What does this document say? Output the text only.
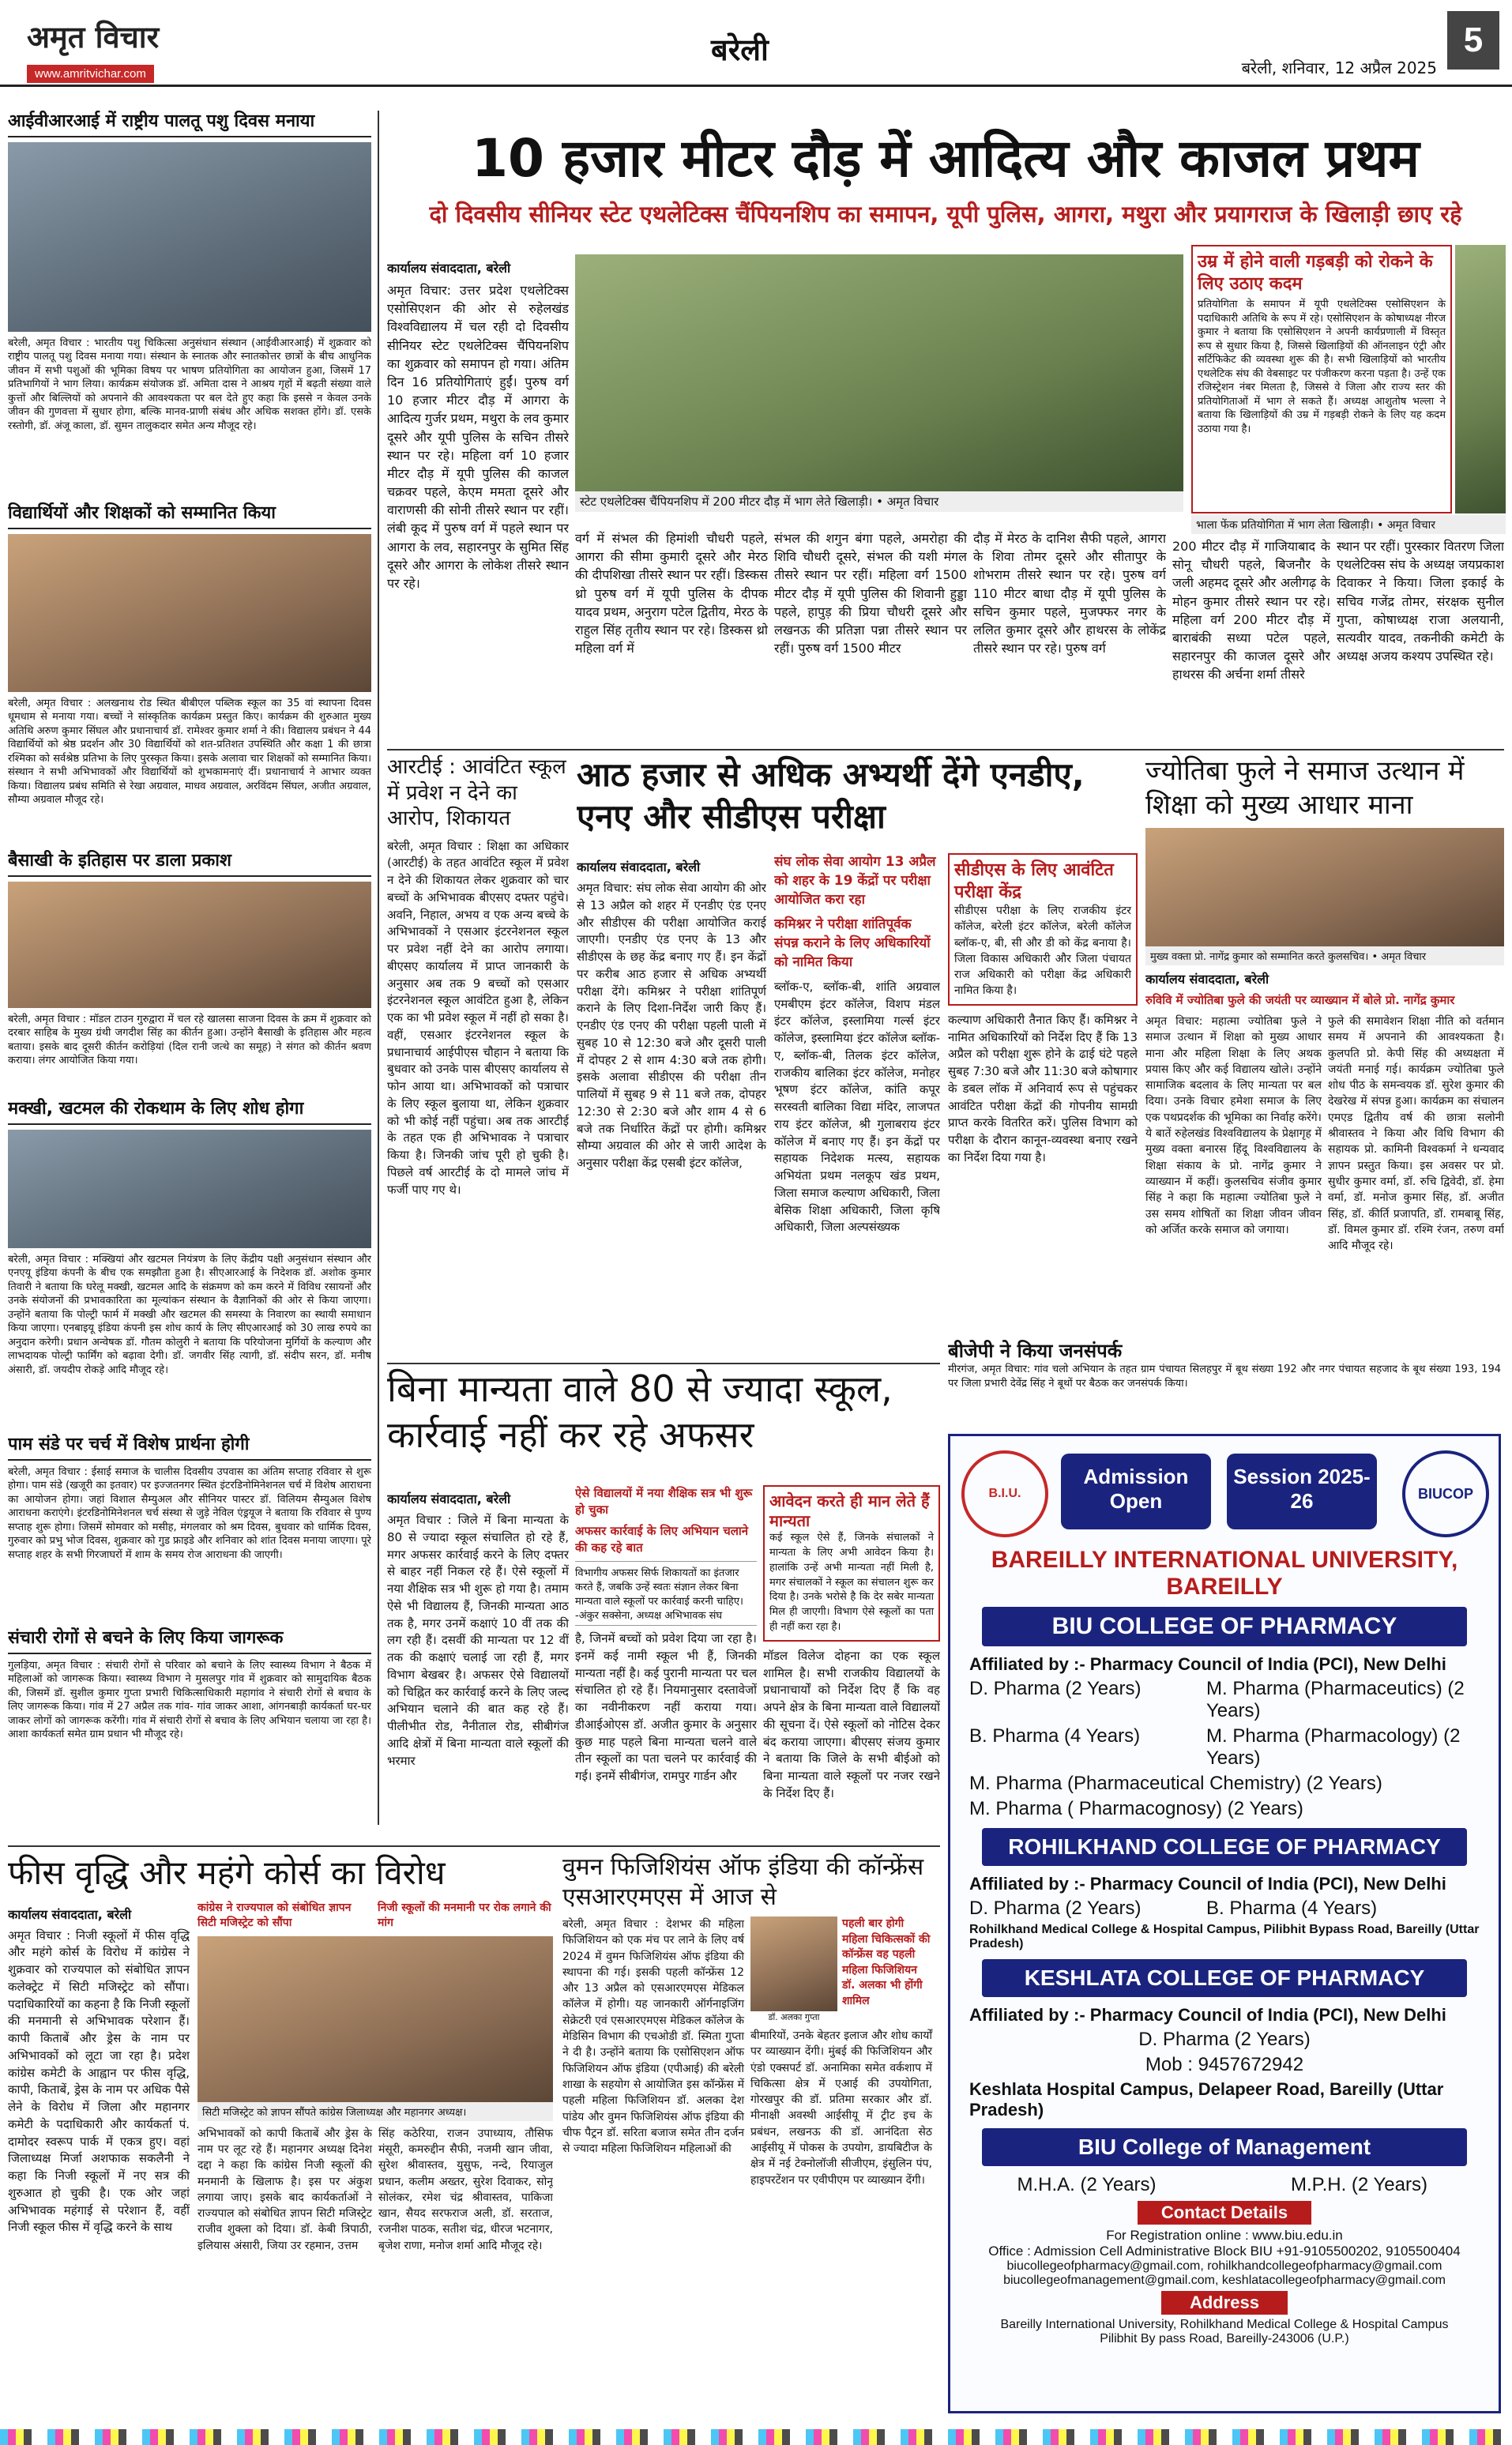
अमृत विचार
www.amritvichar.com
बरेली
बरेली, शनिवार, 12 अप्रैल 2025
5
आईवीआरआई में राष्ट्रीय पालतू पशु दिवस मनाया
बरेली, अमृत विचार : भारतीय पशु चिकित्सा अनुसंधान संस्थान (आईवीआरआई) में शुक्रवार को राष्ट्रीय पालतू पशु दिवस मनाया गया। संस्थान के स्नातक और स्नातकोत्तर छात्रों के बीच आधुनिक जीवन में सभी पशुओं की भूमिका विषय पर भाषण प्रतियोगिता का आयोजन हुआ, जिसमें 17 प्रतिभागियों ने भाग लिया। कार्यक्रम संयोजक डॉ. अमिता दास ने आश्रय गृहों में बढ़ती संख्या वाले कुत्तों और बिल्लियों को अपनाने की आवश्यकता पर बल देते हुए कहा कि इससे न केवल उनके जीवन की गुणवत्ता में सुधार होगा, बल्कि मानव-प्राणी संबंध और अधिक सशक्त होंगे। डॉ. एसके रस्तोगी, डॉ. अंजू काला, डॉ. सुमन तालुकदार समेत अन्य मौजूद रहे।
विद्यार्थियों और शिक्षकों को सम्मानित किया
बरेली, अमृत विचार : अलखनाथ रोड स्थित बीबीएल पब्लिक स्कूल का 35 वां स्थापना दिवस धूमधाम से मनाया गया। बच्चों ने सांस्कृतिक कार्यक्रम प्रस्तुत किए। कार्यक्रम की शुरुआत मुख्य अतिथि अरुण कुमार सिंघल और प्रधानाचार्य डॉ. रामेश्वर कुमार शर्मा ने की। विद्यालय प्रबंधन ने 44 विद्यार्थियों को श्रेष्ठ प्रदर्शन और 30 विद्यार्थियों को शत-प्रतिशत उपस्थिति और कक्षा 1 की छात्रा रश्मिका को सर्वश्रेष्ठ प्रतिभा के लिए पुरस्कृत किया। इसके अलावा चार शिक्षकों को सम्मानित किया। संस्थान ने सभी अभिभावकों और विद्यार्थियों को शुभकामनाएं दीं। प्रधानाचार्य ने आभार व्यक्त किया। विद्यालय प्रबंध समिति से रेखा अग्रवाल, माधव अग्रवाल, अरविंदम सिंघल, अजीत अग्रवाल, सौम्या अग्रवाल मौजूद रहे।
बैसाखी के इतिहास पर डाला प्रकाश
बरेली, अमृत विचार : मॉडल टाउन गुरुद्वारा में चल रहे खालसा साजना दिवस के क्रम में शुक्रवार को दरबार साहिब के मुख्य ग्रंथी जगदीश सिंह का कीर्तन हुआ। उन्होंने बैसाखी के इतिहास और महत्व बताया। इसके बाद दूसरी कीर्तन करोड़ियां (दिल रानी जत्थे का समूह) ने संगत को कीर्तन श्रवण कराया। लंगर आयोजित किया गया।
मक्खी, खटमल की रोकथाम के लिए शोध होगा
बरेली, अमृत विचार : मक्खियां और खटमल नियंत्रण के लिए केंद्रीय पक्षी अनुसंधान संस्थान और एनएयू इंडिया कंपनी के बीच एक समझौता हुआ है। सीएआरआई के निदेशक डॉ. अशोक कुमार तिवारी ने बताया कि घरेलू मक्खी, खटमल आदि के संक्रमण को कम करने में विविध रसायनों और उनके संयोजनों की प्रभावकारिता का मूल्यांकन संस्थान के वैज्ञानिकों की ओर से किया जाएगा। उन्होंने बताया कि पोल्ट्री फार्म में मक्खी और खटमल की समस्या के निवारण का स्थायी समाधान किया जाएगा। एनबाइयू इंडिया कंपनी इस शोध कार्य के लिए सीएआरआई को 30 लाख रुपये का अनुदान करेगी। प्रधान अन्वेषक डॉ. गौतम कोलुरी ने बताया कि परियोजना मुर्गियों के कल्याण और लाभदायक पोल्ट्री फार्मिंग को बढ़ावा देगी। डॉ. जगवीर सिंह त्यागी, डॉ. संदीप सरन, डॉ. मनीष अंसारी, डॉ. जयदीप रोकड़े आदि मौजूद रहे।
पाम संडे पर चर्च में विशेष प्रार्थना होगी
बरेली, अमृत विचार : ईसाई समाज के चालीस दिवसीय उपवास का अंतिम सप्ताह रविवार से शुरू होगा। पाम संडे (खजूरी का इतवार) पर इज्जतनगर स्थित इंटरडिनोमिनेशनल चर्च में विशेष आराधना का आयोजन होगा। जहां विशाल सैम्युअल और सीनियर पास्टर डॉ. विलियम सैम्युअल विशेष आराधना कराएंगे। इंटरडिनोमिनेशनल चर्च संस्था से जुड़े नेविल एंड्रयूज ने बताया कि रविवार से पुण्य सप्ताह शुरू होगा। जिसमें सोमवार को मसीह, मंगलवार को श्रम दिवस, बुधवार को धार्मिक दिवस, गुरुवार को प्रभु भोज दिवस, शुक्रवार को गुड फ्राइडे और शनिवार को शांत दिवस मनाया जाएगा। पूरे सप्ताह शहर के सभी गिरजाघरों में शाम के समय रोज आराधना की जाएगी।
संचारी रोगों से बचने के लिए किया जागरूक
गुलड़िया, अमृत विचार : संचारी रोगों से परिवार को बचाने के लिए स्वास्थ्य विभाग ने बैठक में महिलाओं को जागरूक किया। स्वास्थ्य विभाग ने मुसलपुर गांव में शुक्रवार को सामुदायिक बैठक की, जिसमें डॉ. सुशील कुमार गुप्ता प्रभारी चिकित्साधिकारी महागांव ने संचारी रोगों से बचाव के लिए जागरूक किया। गांव में 27 अप्रैल तक गांव- गांव जाकर आशा, आंगनबाड़ी कार्यकर्ता घर-घर जाकर लोगों को जागरूक करेंगी। गांव में संचारी रोगों से बचाव के लिए अभियान चलाया जा रहा है। आशा कार्यकर्ता समेत ग्राम प्रधान भी मौजूद रहे।
10 हजार मीटर दौड़ में आदित्य और काजल प्रथम
दो दिवसीय सीनियर स्टेट एथलेटिक्स चैंपियनशिप का समापन, यूपी पुलिस, आगरा, मथुरा और प्रयागराज के खिलाड़ी छाए रहे
कार्यालय संवाददाता, बरेली
अमृत विचार: उत्तर प्रदेश एथलेटिक्स एसोसिएशन की ओर से रुहेलखंड विश्वविद्यालय में चल रही दो दिवसीय सीनियर स्टेट एथलेटिक्स चैंपियनशिप का शुक्रवार को समापन हो गया। अंतिम दिन 16 प्रतियोगिताएं हुईं। पुरुष वर्ग 10 हजार मीटर दौड़ में आगरा के आदित्य गुर्जर प्रथम, मथुरा के लव कुमार दूसरे और यूपी पुलिस के सचिन तीसरे स्थान पर रहे। महिला वर्ग 10 हजार मीटर दौड़ में यूपी पुलिस की काजल चक्रवर पहले, केएम ममता दूसरे और वाराणसी की सोनी तीसरे स्थान पर रहीं। लंबी कूद में पुरुष वर्ग में पहले स्थान पर आगरा के लव, सहारनपुर के सुमित सिंह दूसरे और आगरा के लोकेश तीसरे स्थान पर रहे।
स्टेट एथलेटिक्स चैंपियनशिप में 200 मीटर दौड़ में भाग लेते खिलाड़ी। • अमृत विचार
उम्र में होने वाली गड़बड़ी को रोकने के लिए उठाए कदम
प्रतियोगिता के समापन में यूपी एथलेटिक्स एसोसिएशन के पदाधिकारी अतिथि के रूप में रहे। एसोसिएशन के कोषाध्यक्ष नीरज कुमार ने बताया कि एसोसिएशन ने अपनी कार्यप्रणाली में विस्तृत रूप से सुधार किया है, जिससे खिलाड़ियों की ऑनलाइन एंट्री और सर्टिफिकेट की व्यवस्था शुरू की है। सभी खिलाड़ियों को भारतीय एथलेटिक संघ की वेबसाइट पर पंजीकरण करना पड़ता है। उन्हें एक रजिस्ट्रेशन नंबर मिलता है, जिससे वे जिला और राज्य स्तर की प्रतियोगिताओं में भाग ले सकते हैं। अध्यक्ष आशुतोष भल्ला ने बताया कि खिलाड़ियों की उम्र में गड़बड़ी रोकने के लिए यह कदम उठाया गया है।
भाला फेंक प्रतियोगिता में भाग लेता खिलाड़ी। • अमृत विचार
वर्ग में संभल की हिमांशी चौधरी पहले, आगरा की सीमा कुमारी दूसरे और मेरठ की दीपशिखा तीसरे स्थान पर रहीं। डिस्कस थ्रो पुरुष वर्ग में यूपी पुलिस के दीपक यादव प्रथम, अनुराग पटेल द्वितीय, मेरठ के राहुल सिंह तृतीय स्थान पर रहे। डिस्कस थ्रो महिला वर्ग में
संभल की शगुन बंगा पहले, अमरोहा की शिवि चौधरी दूसरे, संभल की यशी मंगल तीसरे स्थान पर रहीं। महिला वर्ग 1500 मीटर दौड़ में यूपी पुलिस की शिवानी हुड्डा पहले, हापुड़ की प्रिया चौधरी दूसरे और लखनऊ की प्रतिज्ञा पन्ना तीसरे स्थान पर रहीं। पुरुष वर्ग 1500 मीटर
दौड़ में मेरठ के दानिश सैफी पहले, आगरा के शिवा तोमर दूसरे और सीतापुर के शोभराम तीसरे स्थान पर रहे। पुरुष वर्ग 110 मीटर बाधा दौड़ में यूपी पुलिस के सचिन कुमार पहले, मुजफ्फर नगर के ललित कुमार दूसरे और हाथरस के लोकेंद्र तीसरे स्थान पर रहे। पुरुष वर्ग
200 मीटर दौड़ में गाजियाबाद के सोनू चौधरी पहले, बिजनौर के जली अहमद दूसरे और अलीगढ़ के मोहन कुमार तीसरे स्थान पर रहे। महिला वर्ग 200 मीटर दौड़ में बाराबंकी सध्या पटेल पहले, सहारनपुर की काजल दूसरे और हाथरस की अर्चना शर्मा तीसरे
स्थान पर रहीं। पुरस्कार वितरण जिला एथलेटिक्स संघ के अध्यक्ष जयप्रकाश दिवाकर ने किया। जिला इकाई के सचिव गजेंद्र तोमर, संरक्षक सुनील गुप्ता, कोषाध्यक्ष राजा अलयानी, सत्यवीर यादव, तकनीकी कमेटी के अध्यक्ष अजय कश्यप उपस्थित रहे।
आरटीई : आवंटित स्कूल में प्रवेश न देने का आरोप, शिकायत
बरेली, अमृत विचार : शिक्षा का अधिकार (आरटीई) के तहत आवंटित स्कूल में प्रवेश न देने की शिकायत लेकर शुक्रवार को चार बच्चों के अभिभावक बीएसए दफ्तर पहुंचे। अवनि, निहाल, अभय व एक अन्य बच्चे के अभिभावकों ने एसआर इंटरनेशनल स्कूल पर प्रवेश नहीं देने का आरोप लगाया। बीएसए कार्यालय में प्राप्त जानकारी के अनुसार अब तक 9 बच्चों को एसआर इंटरनेशनल स्कूल आवंटित हुआ है, लेकिन एक का भी प्रवेश स्कूल में नहीं हो सका है। वहीं, एसआर इंटरनेशनल स्कूल के प्रधानाचार्य आईपीएस चौहान ने बताया कि बुधवार को उनके पास बीएसए कार्यालय से फोन आया था। अभिभावकों को पत्राचार के लिए स्कूल बुलाया था, लेकिन शुक्रवार को भी कोई नहीं पहुंचा। अब तक आरटीई के तहत एक ही अभिभावक ने पत्राचार किया है। जिनकी जांच पूरी हो चुकी है। पिछले वर्ष आरटीई के दो मामले जांच में फर्जी पाए गए थे।
आठ हजार से अधिक अभ्यर्थी देंगे एनडीए, एनए और सीडीएस परीक्षा
कार्यालय संवाददाता, बरेली
अमृत विचार: संघ लोक सेवा आयोग की ओर से 13 अप्रैल को शहर में एनडीए एंड एनए और सीडीएस की परीक्षा आयोजित कराई जाएगी। एनडीए एंड एनए के 13 और सीडीएस के छह केंद्र बनाए गए हैं। इन केंद्रों पर करीब आठ हजार से अधिक अभ्यर्थी परीक्षा देंगे। कमिश्नर ने परीक्षा शांतिपूर्ण कराने के लिए दिशा-निर्देश जारी किए हैं। एनडीए एंड एनए की परीक्षा पहली पाली में सुबह 10 से 12:30 बजे और दूसरी पाली में दोपहर 2 से शाम 4:30 बजे तक होगी। इसके अलावा सीडीएस की परीक्षा तीन पालियों में सुबह 9 से 11 बजे तक, दोपहर 12:30 से 2:30 बजे और शाम 4 से 6 बजे तक निर्धारित केंद्रों पर होगी। कमिश्नर सौम्या अग्रवाल की ओर से जारी आदेश के अनुसार परीक्षा केंद्र एसबी इंटर कॉलेज,
संघ लोक सेवा आयोग 13 अप्रैल को शहर के 19 केंद्रों पर परीक्षा आयोजित करा रहा
कमिश्नर ने परीक्षा शांतिपूर्वक संपन्न कराने के लिए अधिकारियों को नामित किया
ब्लॉक-ए, ब्लॉक-बी, शांति अग्रवाल एमबीएम इंटर कॉलेज, विशप मंडल इंटर कॉलेज, इस्लामिया गर्ल्स इंटर कॉलेज, इस्लामिया इंटर कॉलेज ब्लॉक-ए, ब्लॉक-बी, तिलक इंटर कॉलेज, राजकीय बालिका इंटर कॉलेज, मनोहर भूषण इंटर कॉलेज, कांति कपूर सरस्वती बालिका विद्या मंदिर, लाजपत राय इंटर कॉलेज, श्री गुलाबराय इंटर कॉलेज में बनाए गए हैं। इन केंद्रों पर सहायक निदेशक मत्स्य, सहायक अभियंता प्रथम नलकूप खंड प्रथम, जिला समाज कल्याण अधिकारी, जिला बेसिक शिक्षा अधिकारी, जिला कृषि अधिकारी, जिला अल्पसंख्यक
सीडीएस के लिए आवंटित परीक्षा केंद्र
सीडीएस परीक्षा के लिए राजकीय इंटर कॉलेज, बरेली इंटर कॉलेज, बरेली कॉलेज ब्लॉक-ए, बी, सी और डी को केंद्र बनाया है। जिला विकास अधिकारी और जिला पंचायत राज अधिकारी को परीक्षा केंद्र अधिकारी नामित किया है।
कल्याण अधिकारी तैनात किए हैं। कमिश्नर ने नामित अधिकारियों को निर्देश दिए हैं कि 13 अप्रैल को परीक्षा शुरू होने के ढाई घंटे पहले सुबह 7:30 बजे और 11:30 बजे कोषागार के डबल लॉक में अनिवार्य रूप से पहुंचकर आवंटित परीक्षा केंद्रों की गोपनीय सामग्री प्राप्त करके वितरित करें। पुलिस विभाग को परीक्षा के दौरान कानून-व्यवस्था बनाए रखने का निर्देश दिया गया है।
ज्योतिबा फुले ने समाज उत्थान में शिक्षा को मुख्य आधार माना
मुख्य वक्ता प्रो. नागेंद्र कुमार को सम्मानित करते कुलसचिव। • अमृत विचार
कार्यालय संवाददाता, बरेली
रुविवि में ज्योतिबा फुले की जयंती पर व्याख्यान में बोले प्रो. नागेंद्र कुमार
अमृत विचार: महात्मा ज्योतिबा फुले ने समाज उत्थान में शिक्षा को मुख्य आधार माना और महिला शिक्षा के लिए अथक प्रयास किए और कई विद्यालय खोले। उन्होंने सामाजिक बदलाव के लिए मान्यता पर बल दिया। उनके विचार हमेशा समाज के लिए एक पथप्रदर्शक की भूमिका का निर्वाह करेंगे। ये बातें रुहेलखंड विश्वविद्यालय के प्रेक्षागृह में मुख्य वक्ता बनारस हिंदू विश्वविद्यालय के शिक्षा संकाय के प्रो. नागेंद्र कुमार ने व्याख्यान में कहीं। कुलसचिव संजीव कुमार सिंह ने कहा कि महात्मा ज्योतिबा फुले ने उस समय शोषितों का शिक्षा जीवन जीवन को अर्जित करके समाज को जगाया।
फुले की समावेशन शिक्षा नीति को वर्तमान समय में अपनाने की आवश्यकता है। कुलपति प्रो. केपी सिंह की अध्यक्षता में जयंती मनाई गई। कार्यक्रम ज्योतिबा फुले शोध पीठ के समन्वयक डॉ. सुरेश कुमार की देखरेख में संपन्न हुआ। कार्यक्रम का संचालन एमएड द्वितीय वर्ष की छात्रा सलोनी श्रीवास्तव ने किया और विधि विभाग की सहायक प्रो. कामिनी विश्वकर्मा ने धन्यवाद ज्ञापन प्रस्तुत किया। इस अवसर पर प्रो. सुधीर कुमार वर्मा, डॉ. रुचि द्विवेदी, डॉ. हेमा वर्मा, डॉ. मनोज कुमार सिंह, डॉ. अजीत सिंह, डॉ. कीर्ति प्रजापति, डॉ. रामबाबू सिंह, डॉ. विमल कुमार डॉ. रश्मि रंजन, तरुण वर्मा आदि मौजूद रहे।
बिना मान्यता वाले 80 से ज्यादा स्कूल, कार्रवाई नहीं कर रहे अफसर
कार्यालय संवाददाता, बरेली
अमृत विचार : जिले में बिना मान्यता के 80 से ज्यादा स्कूल संचालित हो रहे हैं, मगर अफसर कार्रवाई करने के लिए दफ्तर से बाहर नहीं निकल रहे हैं। ऐसे स्कूलों में नया शैक्षिक सत्र भी शुरू हो गया है। तमाम ऐसे भी विद्यालय हैं, जिनकी मान्यता आठ तक है, मगर उनमें कक्षाएं 10 वीं तक की लग रही हैं। दसवीं की मान्यता पर 12 वीं तक की कक्षाएं चलाई जा रही हैं, मगर विभाग बेखबर है। अफसर ऐसे विद्यालयों को चिह्नित कर कार्रवाई करने के लिए जल्द अभियान चलाने की बात कह रहे हैं। पीलीभीत रोड, नैनीताल रोड, सीबीगंज आदि क्षेत्रों में बिना मान्यता वाले स्कूलों की भरमार
ऐसे विद्यालयों में नया शैक्षिक सत्र भी शुरू हो चुका
अफसर कार्रवाई के लिए अभियान चलाने की कह रहे बात
विभागीय अफसर सिर्फ शिकायतों का इंतजार करते हैं, जबकि उन्हें स्वतः संज्ञान लेकर बिना मान्यता वाले स्कूलों पर कार्रवाई करनी चाहिए। -अंकुर सक्सेना, अध्यक्ष अभिभावक संघ
है, जिनमें बच्चों को प्रवेश दिया जा रहा है। इनमें कई नामी स्कूल भी हैं, जिनकी मान्यता नहीं है। कई पुरानी मान्यता पर चल संचालित हो रहे हैं। नियमानुसार दस्तावेजों का नवीनीकरण नहीं कराया गया। डीआईओएस डॉ. अजीत कुमार के अनुसार कुछ माह पहले बिना मान्यता चलने वाले तीन स्कूलों का पता चलने पर कार्रवाई की गई। इनमें सीबीगंज, रामपुर गार्डन और
आवेदन करते ही मान लेते हैं मान्यता
कई स्कूल ऐसे हैं, जिनके संचालकों ने मान्यता के लिए अभी आवेदन किया है। हालांकि उन्हें अभी मान्यता नहीं मिली है, मगर संचालकों ने स्कूल का संचालन शुरू कर दिया है। उनके भरोसे है कि देर सबेर मान्यता मिल ही जाएगी। विभाग ऐसे स्कूलों का पता ही नहीं करा रहा है।
मॉडल विलेज दोहना का एक स्कूल शामिल है। सभी राजकीय विद्यालयों के प्रधानाचार्यों को निर्देश दिए हैं कि वह अपने क्षेत्र के बिना मान्यता वाले विद्यालयों की सूचना दें। ऐसे स्कूलों को नोटिस देकर बंद कराया जाएगा। बीएसए संजय कुमार ने बताया कि जिले के सभी बीईओ को बिना मान्यता वाले स्कूलों पर नजर रखने के निर्देश दिए हैं।
बीजेपी ने किया जनसंपर्क
मीरगंज, अमृत विचार: गांव चलो अभियान के तहत ग्राम पंचायत सिलहपुर में बूथ संख्या 192 और नगर पंचायत सहजाद के बूथ संख्या 193, 194 पर जिला प्रभारी देवेंद्र सिंह ने बूथों पर बैठक कर जनसंपर्क किया।
B.I.U.
Admission Open
Session 2025-26	BIUCOP
BAREILLY INTERNATIONAL UNIVERSITY, BAREILLY
BIU COLLEGE OF PHARMACY
Affiliated by :- Pharmacy Council of India (PCI), New Delhi
D. Pharma (2 Years)	M. Pharma (Pharmaceutics) (2 Years)
B. Pharma (4 Years)	M. Pharma (Pharmacology) (2 Years)
M. Pharma (Pharmaceutical Chemistry) (2 Years)
M. Pharma ( Pharmacognosy) (2 Years)
ROHILKHAND COLLEGE OF PHARMACY
Affiliated by :- Pharmacy Council of India (PCI), New Delhi
D. Pharma (2 Years)	B. Pharma (4 Years)
Rohilkhand Medical College & Hospital Campus, Pilibhit Bypass Road, Bareilly (Uttar Pradesh)
KESHLATA COLLEGE OF PHARMACY
Affiliated by :- Pharmacy Council of India (PCI), New Delhi
D. Pharma (2 Years)
Mob : 9457672942
Keshlata Hospital Campus, Delapeer Road, Bareilly (Uttar Pradesh)
BIU College of Management
M.H.A. (2 Years)	M.P.H. (2 Years)
Contact Details
For Registration online : www.biu.edu.in
Office : Admission Cell Administrative Block BIU +91-9105500202, 9105500404
biucollegeofpharmacy@gmail.com, rohilkhandcollegeofpharmacy@gmail.com
biucollegeofmanagement@gmail.com, keshlatacollegeofpharmacy@gmail.com
Address
Bareilly International University, Rohilkhand Medical College & Hospital Campus
Pilibhit By pass Road, Bareilly-243006 (U.P.)
फीस वृद्धि और महंगे कोर्स का विरोध
कार्यालय संवाददाता, बरेली
अमृत विचार : निजी स्कूलों में फीस वृद्धि और महंगे कोर्स के विरोध में कांग्रेस ने शुक्रवार को राज्यपाल को संबोधित ज्ञापन कलेक्ट्रेट में सिटी मजिस्ट्रेट को सौंपा। पदाधिकारियों का कहना है कि निजी स्कूलों की मनमानी से अभिभावक परेशान हैं। कापी किताबें और ड्रेस के नाम पर अभिभावकों को लूटा जा रहा है। प्रदेश कांग्रेस कमेटी के आह्वान पर फीस वृद्धि, कापी, किताबें, ड्रेस के नाम पर अधिक पैसे लेने के विरोध में जिला और महानगर कमेटी के पदाधिकारी और कार्यकर्ता पं. दामोदर स्वरूप पार्क में एकत्र हुए। वहां जिलाध्यक्ष मिर्जा अशफाक सकलैनी ने कहा कि निजी स्कूलों में नए सत्र की शुरुआत हो चुकी है। एक ओर जहां अभिभावक महंगाई से परेशान हैं, वहीं निजी स्कूल फीस में वृद्धि करने के साथ
कांग्रेस ने राज्यपाल को संबोधित ज्ञापन सिटी मजिस्ट्रेट को सौंपा
निजी स्कूलों की मनमानी पर रोक लगाने की मांग
सिटी मजिस्ट्रेट को ज्ञापन सौंपते कांग्रेस जिलाध्यक्ष और महानगर अध्यक्ष।
अभिभावकों को कापी किताबें और ड्रेस के नाम पर लूट रहे हैं। महानगर अध्यक्ष दिनेश दद्दा ने कहा कि कांग्रेस निजी स्कूलों की मनमानी के खिलाफ है। इस पर अंकुश लगाया जाए। इसके बाद कार्यकर्ताओं ने राज्यपाल को संबोधित ज्ञापन सिटी मजिस्ट्रेट राजीव शुक्ला को दिया। डॉ. केबी त्रिपाठी, इलियास अंसारी, जिया उर रहमान, उत्तम
सिंह कठेरिया, राजन उपाध्याय, तौसिफ मंसूरी, कमरुद्दीन सैफी, नजमी खान जीवा, सुरेश श्रीवास्तव, युसुफ, नन्दे, रियाजुल प्रधान, कलीम अख्तर, सुरेश दिवाकर, सोनू सोलंकर, रमेश चंद्र श्रीवास्तव, पाकिजा खान, सैयद सरफराज अली, डॉ. सरताज, रजनीश पाठक, सतीश चंद्र, धीरज भटनागर, बृजेश राणा, मनोज शर्मा आदि मौजूद रहे।
वुमन फिजिशियंस ऑफ इंडिया की कॉन्फ्रेंस एसआरएमएस में आज से
बरेली, अमृत विचार : देशभर की महिला फिजिशियन को एक मंच पर लाने के लिए वर्ष 2024 में वुमन फिजिशियंस ऑफ इंडिया की स्थापना की गई। इसकी पहली कॉन्फ्रेंस 12 और 13 अप्रैल को एसआरएमएस मेडिकल कॉलेज में होगी। यह जानकारी ऑर्गनाइजिंग सेक्रेटरी एवं एसआरएमएस मेडिकल कॉलेज के मेडिसिन विभाग की एचओडी डॉ. स्मिता गुप्ता ने दी है। उन्होंने बताया कि एसोसिएशन ऑफ फिजिशियन ऑफ इंडिया (एपीआई) की बरेली शाखा के सहयोग से आयोजित इस कॉन्फ्रेंस में पहली महिला फिजिशियन डॉ. अलका देश पांडेय और वुमन फिजिशियंस ऑफ इंडिया की चीफ पैट्रन डॉ. सरिता बजाज समेत तीन दर्जन से ज्यादा महिला फिजिशियन महिलाओं की
डॉ. अलका गुप्ता
पहली बार होगी महिला चिकित्सकों की कॉन्फ्रेंस वह पहली महिला फिजिशियन डॉ. अलका भी होंगी शामिल
बीमारियों, उनके बेहतर इलाज और शोध कार्यों पर व्याख्यान देंगी। मुंबई की फिजिशियन और एंडो एक्सपर्ट डॉ. अनामिका समेत वर्कशाप में चिकित्सा क्षेत्र में एआई की उपयोगिता, गोरखपुर की डॉ. प्रतिमा सरकार और डॉ. मीनाक्षी अवस्थी आईसीयू में ट्रीट इच के प्रबंधन, लखनऊ की डॉ. आनंदिता सेठ आईसीयू में पोकस के उपयोग, डायबिटीज के क्षेत्र में नई टेक्नोलॉजी सीजीएम, इंसुलिन पंप, हाइपरटेंशन पर एवीपीएम पर व्याख्यान देंगी।
